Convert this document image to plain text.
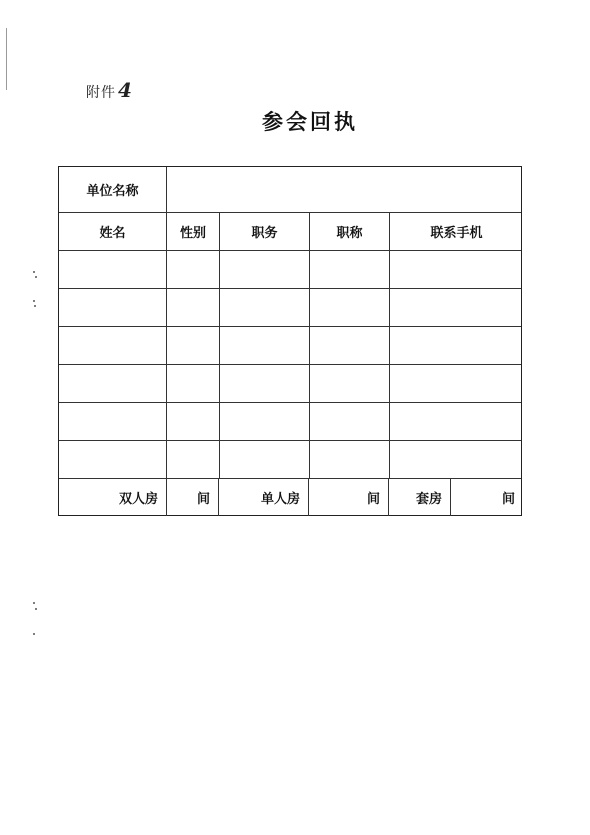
附件 4
参会回执
单位名称
姓名	性别	职务	职称	联系手机
双人房	间	单人房	间	套房	间
